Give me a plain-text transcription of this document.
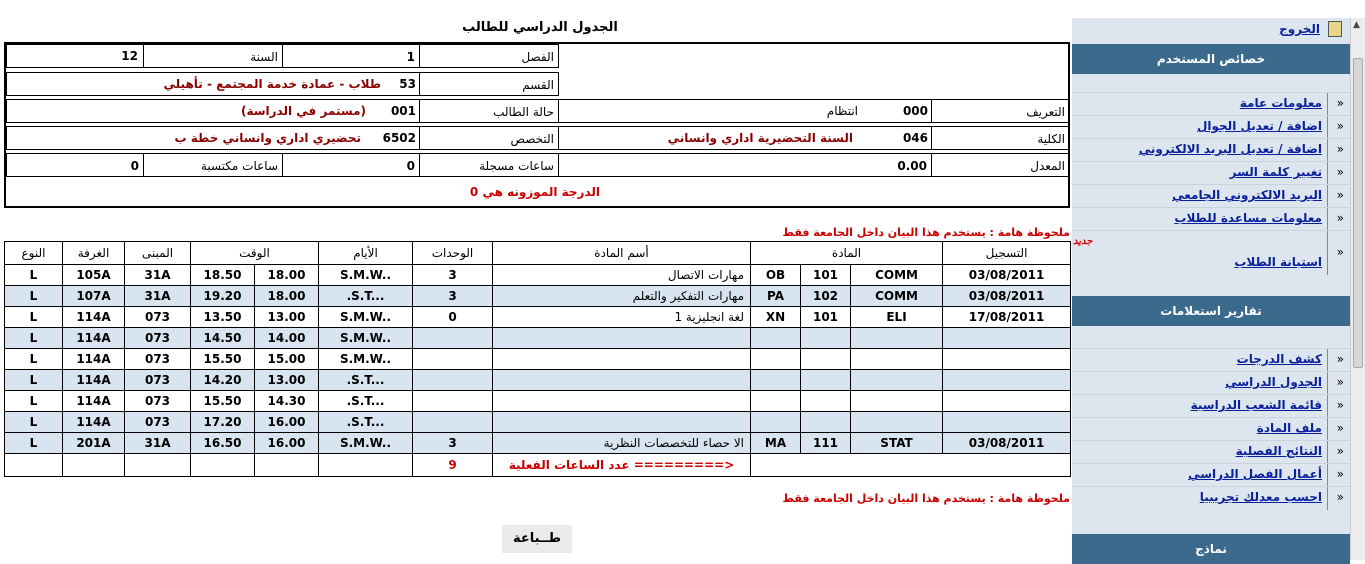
الجدول الدراسي للطالب
12	السنة	1	الفصل
طلاب - عمادة خدمة المجتمع - تأهيلي	53	القسم
(مستمر في الدراسة)	001	حالة الطالب	انتظام	000	التعريف
تحضيري اداري وانساني خطة ب	6502	التخصص	السنة التحضيرية اداري وانساني	046	الكلية
0	ساعات مكتسبة	0	ساعات مسجلة	0.00	المعدل
الدرجة الموزونه هي 0
ملحوظة هامة : يستخدم هذا البيان داخل الجامعة فقط
النوع	الغرفة	المبنى	الوقت		الأيام	الوحدات	أسم المادة	المادة			التسجيل
L	105A	31A	18.50	18.00	S.M.W..	3	مهارات الاتصال	OB	101	COMM	03/08/2011
L	107A	31A	19.20	18.00	.S.T...	3	مهارات التفكير والتعلم	PA	102	COMM	03/08/2011
L	114A	073	13.50	13.00	S.M.W..	0	لغة انجليزية 1	XN	101	ELI	17/08/2011
L	114A	073	14.50	14.00	S.M.W..						
L	114A	073	15.50	15.00	S.M.W..						
L	114A	073	14.20	13.00	.S.T...						
L	114A	073	15.50	14.30	.S.T...						
L	114A	073	17.20	16.00	.S.T...						
L	201A	31A	16.50	16.00	S.M.W..	3	الا حصاء للتخصصات النظرية	MA	111	STAT	03/08/2011
						9	عدد الساعات الفعلية =========>				
ملحوظة هامة : يستخدم هذا البيان داخل الجامعة فقط
طــباعة
الخروج
خصائص المستخدم
»
معلومات عامة
»
اضافة / تعديل الجوال
»
اضافة / تعديل البريد الالكتروني
»
تغيير كلمة السر
»
البريد الالكتروني الجامعي
»
معلومات مساعدة للطلاب
»
استبانة الطلاب
تقارير استعلامات
»
كشف الدرجات
»
الجدول الدراسي
»
قائمة الشعب الدراسية
»
ملف المادة
»
النتائج الفصلية
»
أعمال الفصل الدراسي
»
احسب معدلك تجريبيا
نماذج
جديد
▲
